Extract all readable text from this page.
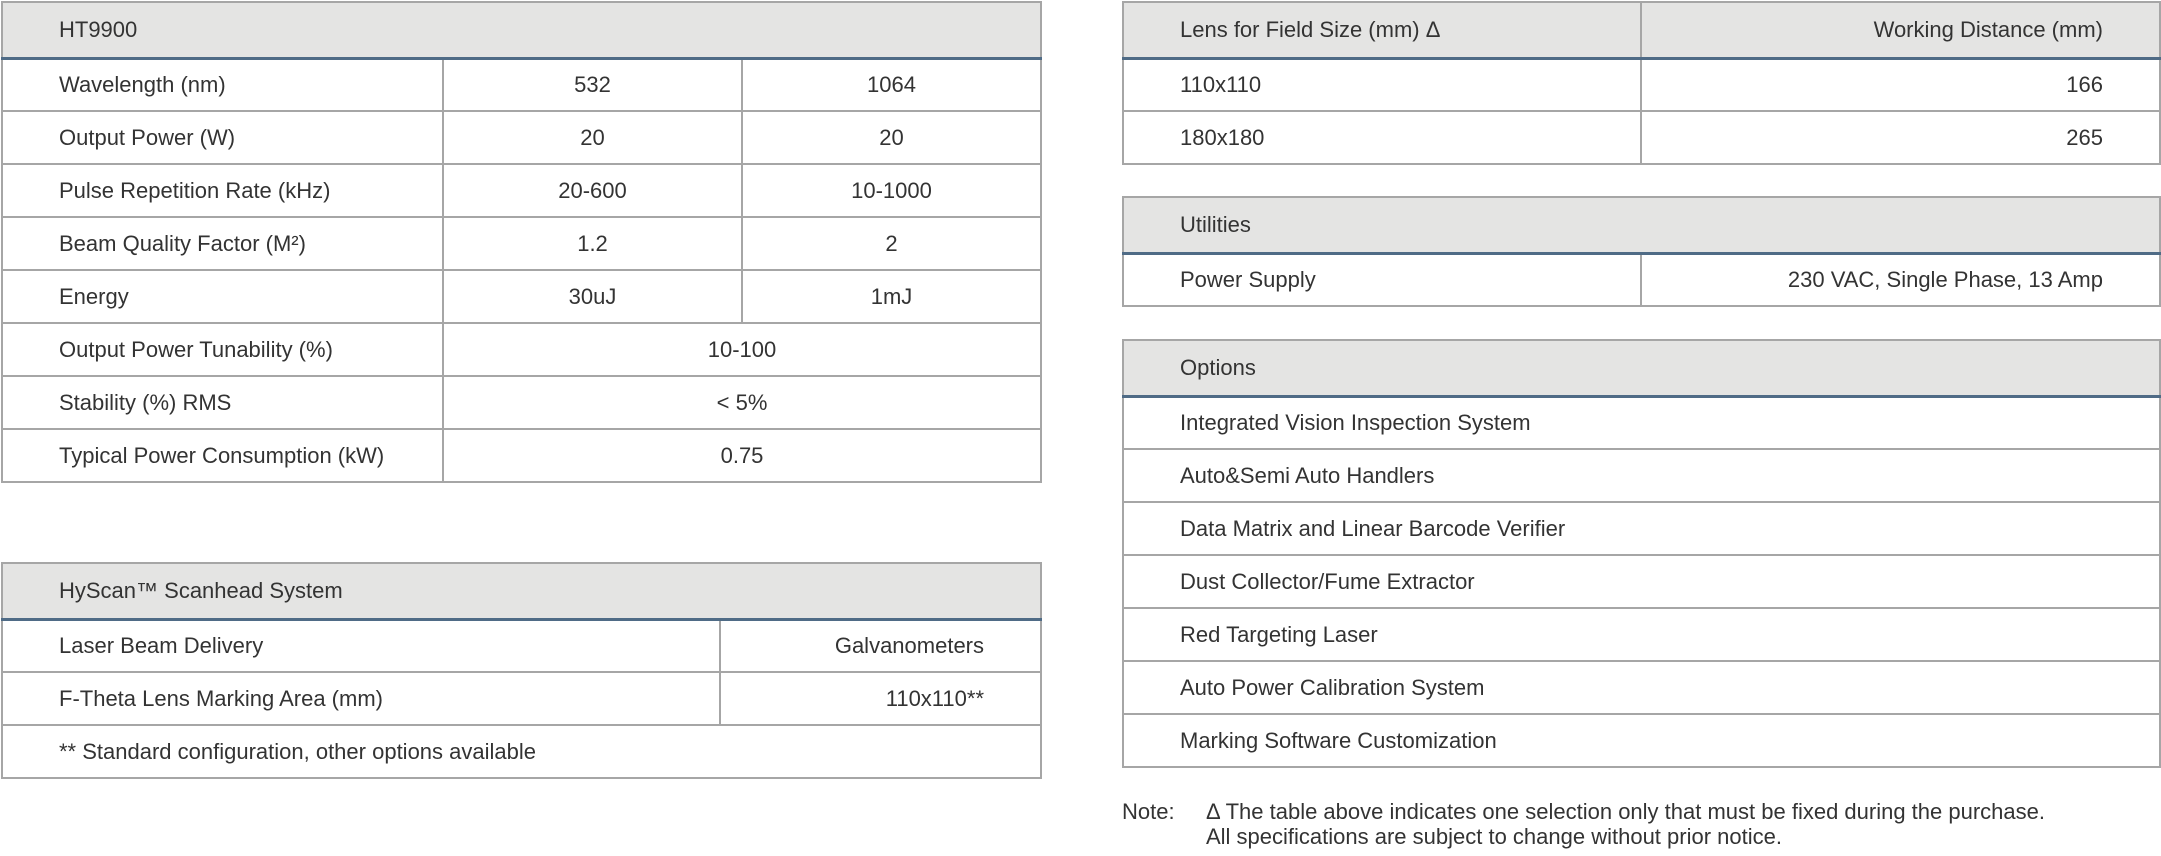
HT9900		
Wavelength (nm)	532	1064
Output Power (W)	20	20
Pulse Repetition Rate (kHz)	20-600	10-1000
Beam Quality Factor (M²)	1.2	2
Energy	30uJ	1mJ
Output Power Tunability (%)	10-100	
Stability (%) RMS	< 5%	
Typical Power Consumption (kW)	0.75	
HyScan™ Scanhead System	
Laser Beam Delivery	Galvanometers
F-Theta Lens Marking Area (mm)	110x110**
** Standard configuration, other options available	
Lens for Field Size (mm) Δ	Working Distance (mm)
110x110	166
180x180	265
Utilities
Power Supply	230 VAC, Single Phase, 13 Amp
Options
Integrated Vision Inspection System
Auto&Semi Auto Handlers
Data Matrix and Linear Barcode Verifier
Dust Collector/Fume Extractor
Red Targeting Laser
Auto Power Calibration System
Marking Software Customization
Note: Δ The table above indicates one selection only that must be fixed during the purchase.
All specifications are subject to change without prior notice.
